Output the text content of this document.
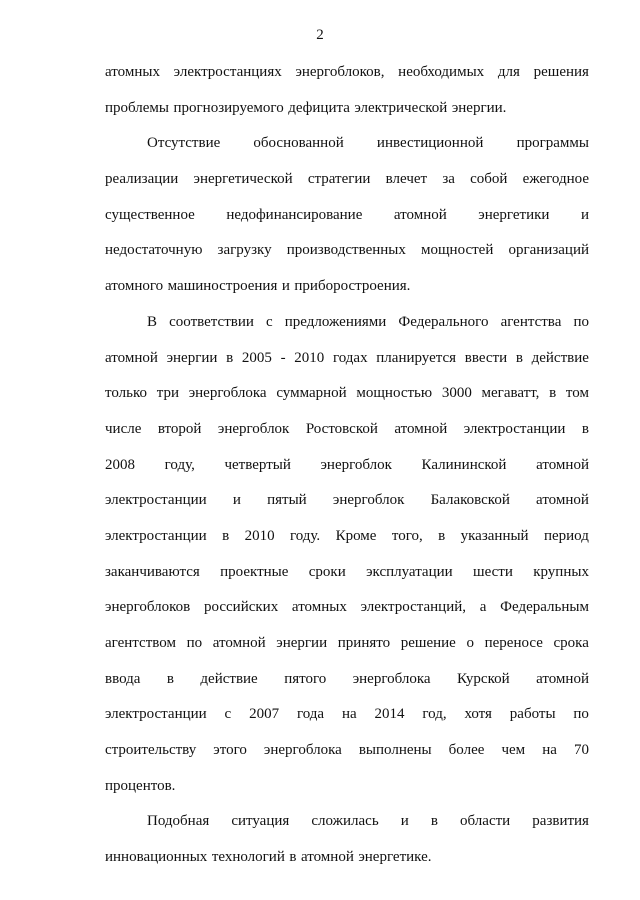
2
атомных электростанциях энергоблоков, необходимых для решения
проблемы прогнозируемого дефицита электрической энергии.
Отсутствие обоснованной инвестиционной программы
реализации энергетической стратегии влечет за собой ежегодное
существенное недофинансирование атомной энергетики и
недостаточную загрузку производственных мощностей организаций
атомного машиностроения и приборостроения.
В соответствии с предложениями Федерального агентства по
атомной энергии в 2005 - 2010 годах планируется ввести в действие
только три энергоблока суммарной мощностью 3000 мегаватт, в том
числе второй энергоблок Ростовской атомной электростанции в
2008 году, четвертый энергоблок Калининской атомной
электростанции и пятый энергоблок Балаковской атомной
электростанции в 2010 году. Кроме того, в указанный период
заканчиваются проектные сроки эксплуатации шести крупных
энергоблоков российских атомных электростанций, а Федеральным
агентством по атомной энергии принято решение о переносе срока
ввода в действие пятого энергоблока Курской атомной
электростанции с 2007 года на 2014 год, хотя работы по
строительству этого энергоблока выполнены более чем на 70
процентов.
Подобная ситуация сложилась и в области развития
инновационных технологий в атомной энергетике.
